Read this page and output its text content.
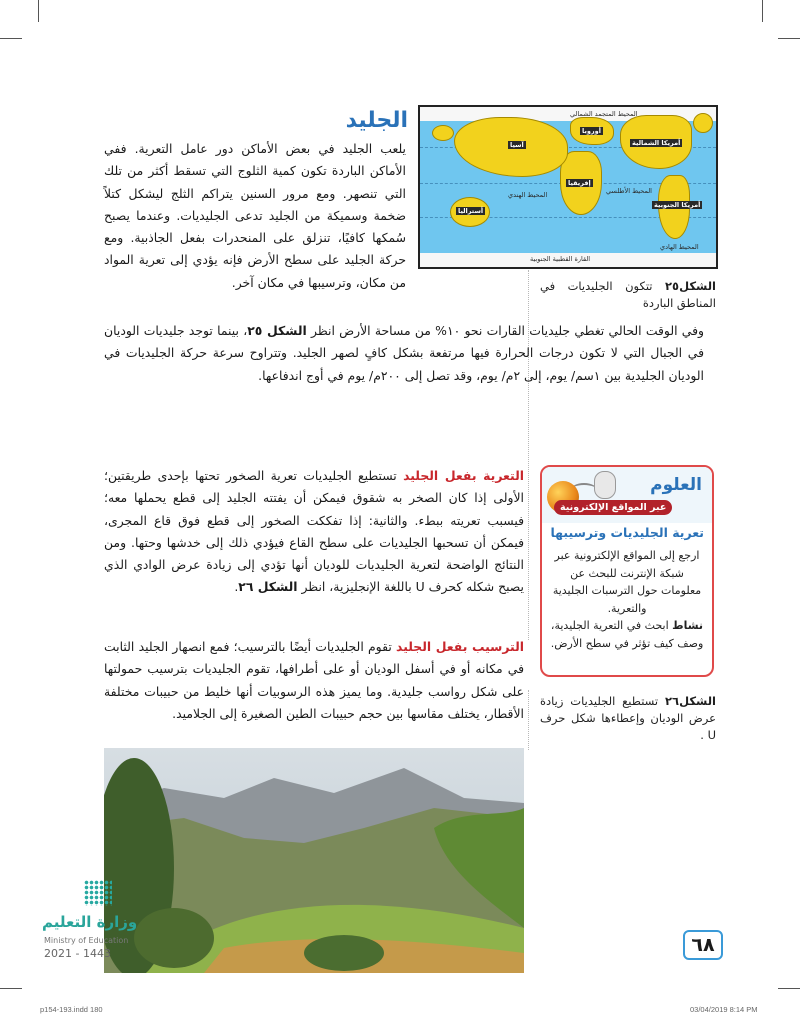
الجليد

يلعب الجليد في بعض الأماكن دور عامل التعرية. ففي الأماكن الباردة تكون كمية الثلوج التي تسقط أكثر من تلك التي تنصهر. ومع مرور السنين يتراكم الثلج ليشكل كتلاً ضخمة وسميكة من الجليد تدعى الجليديات. وعندما يصبح سُمكها كافيًا، تنزلق على المنحدرات بفعل الجاذبية. ومع حركة الجليد على سطح الأرض فإنه يؤدي إلى تعرية المواد من مكان، وترسيبها في مكان آخر.

أمريكا الشمالية
أمريكا الجنوبية
أوروبا
آسيا
إفريقيا
أستراليا
القارة القطبية الجنوبية
المحيط المتجمد الشمالي
المحيط الأطلسي
المحيط الهادي
المحيط الهندي
الشكل٢٥ تتكون الجليديات في المناطق الباردة

وفي الوقت الحالي تغطي جليديات القارات نحو ١٠% من مساحة الأرض انظر الشكل ٢٥، بينما توجد جليديات الوديان في الجبال التي لا تكون درجات الحرارة فيها مرتفعة بشكل كافٍ لصهر الجليد. وتتراوح سرعة حركة الجليديات في الوديان الجليدية بين ١سم/ يوم، إلى ٢م/ يوم، وقد تصل إلى ٢٠٠م/ يوم في أوج اندفاعها.

التعرية بفعل الجليد تستطيع الجليديات تعرية الصخور تحتها بإحدى طريقتين؛ الأولى إذا كان الصخر به شقوق فيمكن أن يفتته الجليد إلى قطع يحملها معه؛ فيسبب تعريته ببطء. والثانية: إذا تفككت الصخور إلى قطع فوق قاع المجرى، فيمكن أن تسحبها الجليديات على سطح القاع فيؤدي ذلك إلى خدشها وحتها. ومن النتائج الواضحة لتعرية الجليديات للوديان أنها تؤدي إلى زيادة عرض الوادي الذي يصبح شكله كحرف U باللغة الإنجليزية، انظر الشكل ٢٦.

الترسيب بفعل الجليد تقوم الجليديات أيضًا بالترسيب؛ فمع انصهار الجليد الثابت في مكانه أو في أسفل الوديان أو على أطرافها، تقوم الجليديات بترسيب حمولتها على شكل رواسب جليدية. وما يميز هذه الرسوبيات أنها خليط من حبيبات مختلفة الأقطار، يختلف مقاسها بين حجم حبيبات الطين الصغيرة إلى الجلاميد.

العلوم
عبر المواقع الإلكترونية
تعرية الجليديات وترسيبها
ارجع إلى المواقع الإلكترونية عبر شبكة الإنترنت للبحث عن معلومات حول الترسبات الجليدية والتعرية.
نشاط ابحث في التعرية الجليدية، وصف كيف تؤثر في سطح الأرض.
الشكل٢٦ تستطيع الجليديات زيادة عرض الوديان وإعطاءها شكل حرف U .
وزارة التعليم
Ministry of Education
2021 - 1443	٦٨
p154-193.indd 180	03/04/2019 8:14 PM
